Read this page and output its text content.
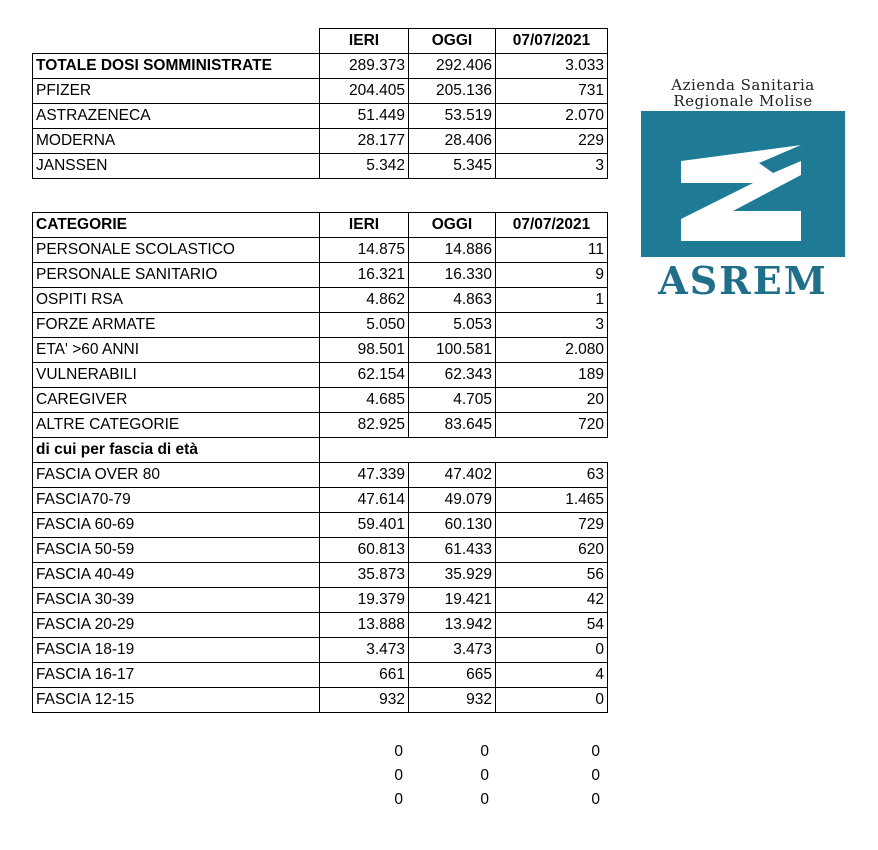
	IERI	OGGI	07/07/2021
TOTALE DOSI SOMMINISTRATE	289.373	292.406	3.033
PFIZER	204.405	205.136	731
ASTRAZENECA	51.449	53.519	2.070
MODERNA	28.177	28.406	229
JANSSEN	5.342	5.345	3
CATEGORIE	IERI	OGGI	07/07/2021
PERSONALE SCOLASTICO	14.875	14.886	11
PERSONALE SANITARIO	16.321	16.330	9
OSPITI RSA	4.862	4.863	1
FORZE ARMATE	5.050	5.053	3
ETA' >60 ANNI	98.501	100.581	2.080
VULNERABILI	62.154	62.343	189
CAREGIVER	4.685	4.705	20
ALTRE CATEGORIE	82.925	83.645	720
di cui per fascia di età			
FASCIA OVER 80	47.339	47.402	63
FASCIA70-79	47.614	49.079	1.465
FASCIA 60-69	59.401	60.130	729
FASCIA 50-59	60.813	61.433	620
FASCIA 40-49	35.873	35.929	56
FASCIA 30-39	19.379	19.421	42
FASCIA 20-29	13.888	13.942	54
FASCIA 18-19	3.473	3.473	0
FASCIA 16-17	661	665	4
FASCIA 12-15	932	932	0
	0	0	0
	0	0	0
	0	0	0
Azienda Sanitaria
Regionale Molise
ASREM
